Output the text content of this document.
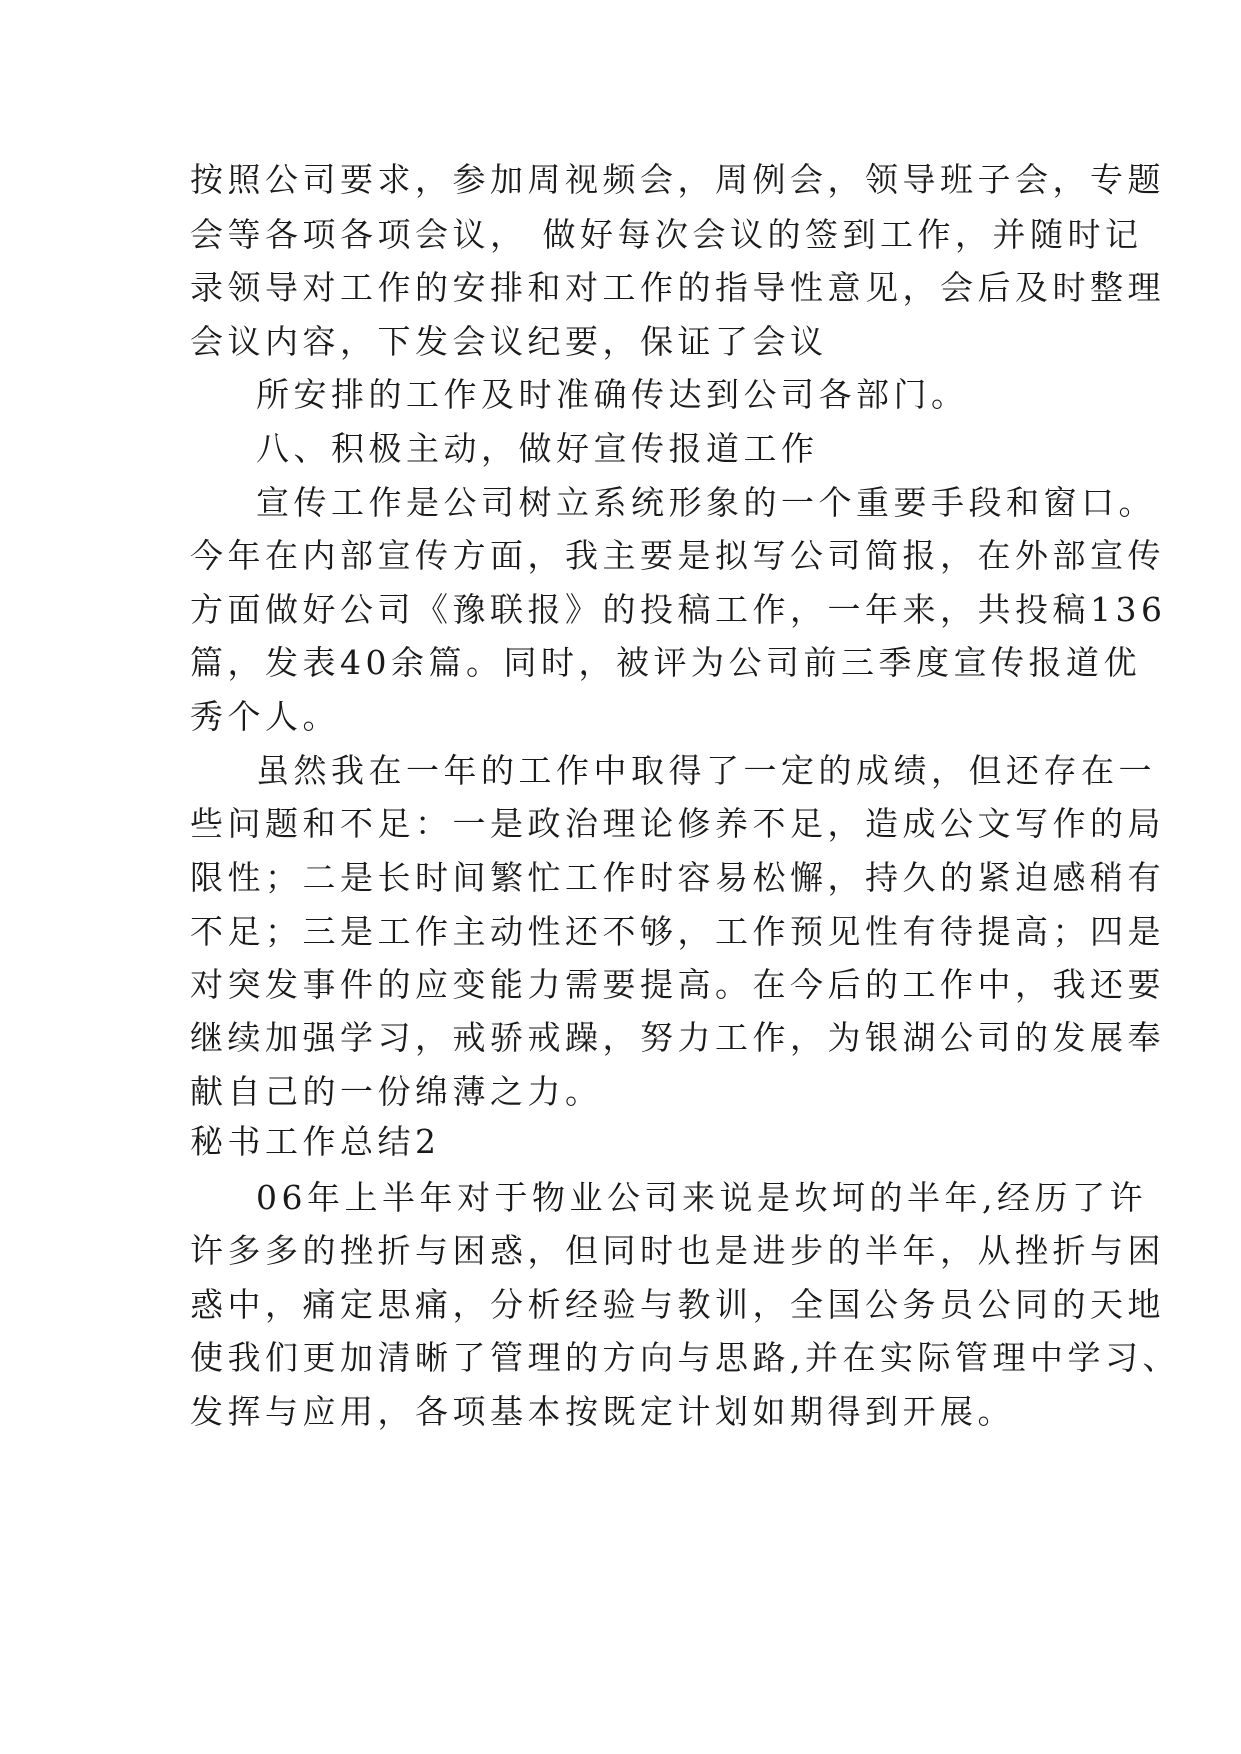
按照公司要求，参加周视频会，周例会，领导班子会，专题
会等各项各项会议， 做好每次会议的签到工作，并随时记
录领导对工作的安排和对工作的指导性意见，会后及时整理
会议内容，下发会议纪要，保证了会议
所安排的工作及时准确传达到公司各部门。
八、积极主动，做好宣传报道工作
宣传工作是公司树立系统形象的一个重要手段和窗口。
今年在内部宣传方面，我主要是拟写公司简报，在外部宣传
方面做好公司《豫联报》的投稿工作，一年来，共投稿136
篇，发表40余篇。同时，被评为公司前三季度宣传报道优
秀个人。
虽然我在一年的工作中取得了一定的成绩，但还存在一
些问题和不足：一是政治理论修养不足，造成公文写作的局
限性；二是长时间繁忙工作时容易松懈，持久的紧迫感稍有
不足；三是工作主动性还不够，工作预见性有待提高；四是
对突发事件的应变能力需要提高。在今后的工作中，我还要
继续加强学习，戒骄戒躁，努力工作，为银湖公司的发展奉
献自己的一份绵薄之力。
秘书工作总结2
06年上半年对于物业公司来说是坎坷的半年,经历了许
许多多的挫折与困惑，但同时也是进步的半年，从挫折与困
惑中，痛定思痛，分析经验与教训，全国公务员公同的天地
使我们更加清晰了管理的方向与思路,并在实际管理中学习、
发挥与应用，各项基本按既定计划如期得到开展。
